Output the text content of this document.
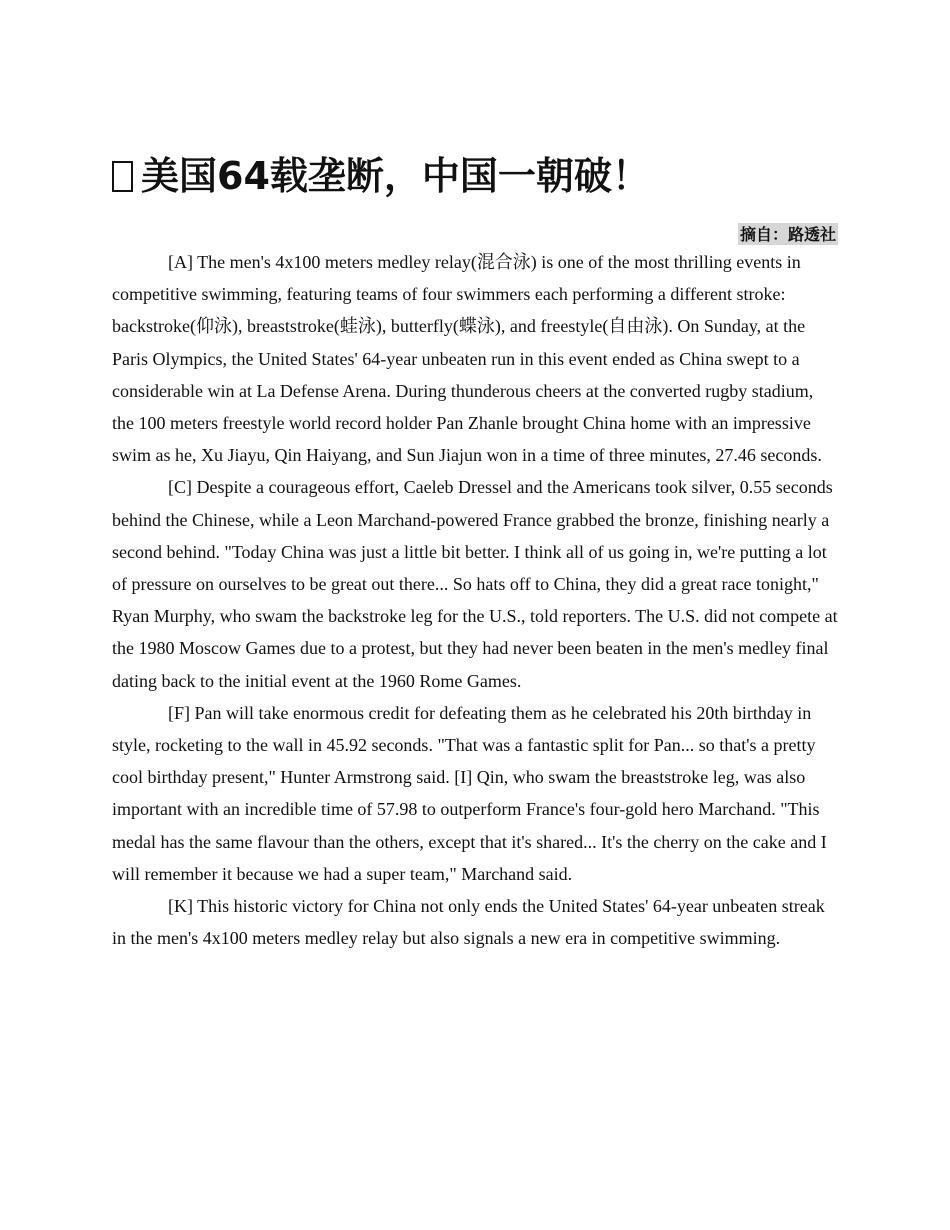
美国64载垄断，中国一朝破！
摘自：路透社

[A] The men's 4x100 meters medley relay(混合泳) is one of the most thrilling events in competitive swimming, featuring teams of four swimmers each performing a different stroke: backstroke(仰泳), breaststroke(蛙泳), butterfly(蝶泳), and freestyle(自由泳). On Sunday, at the Paris Olympics, the United States' 64-year unbeaten run in this event ended as China swept to a considerable win at La Defense Arena. During thunderous cheers at the converted rugby stadium, the 100 meters freestyle world record holder Pan Zhanle brought China home with an impressive swim as he, Xu Jiayu, Qin Haiyang, and Sun Jiajun won in a time of three minutes, 27.46 seconds.

[C] Despite a courageous effort, Caeleb Dressel and the Americans took silver, 0.55 seconds behind the Chinese, while a Leon Marchand-powered France grabbed the bronze, finishing nearly a second behind. "Today China was just a little bit better. I think all of us going in, we're putting a lot of pressure on ourselves to be great out there... So hats off to China, they did a great race tonight," Ryan Murphy, who swam the backstroke leg for the U.S., told reporters. The U.S. did not compete at the 1980 Moscow Games due to a protest, but they had never been beaten in the men's medley final dating back to the initial event at the 1960 Rome Games.

[F] Pan will take enormous credit for defeating them as he celebrated his 20th birthday in style, rocketing to the wall in 45.92 seconds. "That was a fantastic split for Pan... so that's a pretty cool birthday present," Hunter Armstrong said. [I] Qin, who swam the breaststroke leg, was also important with an incredible time of 57.98 to outperform France's four-gold hero Marchand. "This medal has the same flavour than the others, except that it's shared... It's the cherry on the cake and I will remember it because we had a super team," Marchand said.

[K] This historic victory for China not only ends the United States' 64-year unbeaten streak in the men's 4x100 meters medley relay but also signals a new era in competitive swimming.
